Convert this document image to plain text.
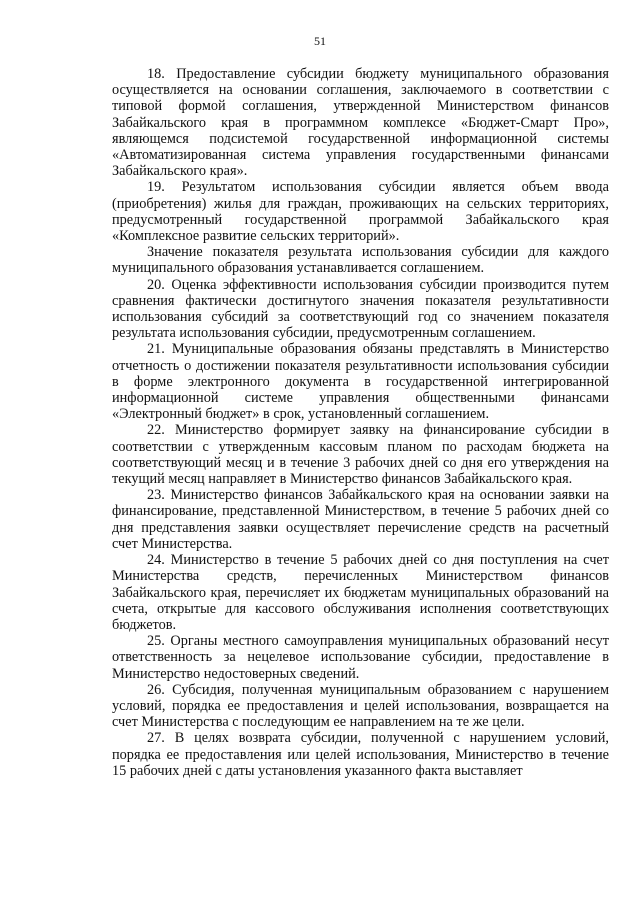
51

18. Предоставление субсидии бюджету муниципального образования осуществляется на основании соглашения, заключаемого в соответствии с типовой формой соглашения, утвержденной Министерством финансов Забайкальского края в программном комплексе «Бюджет-Смарт Про», являющемся подсистемой государственной информационной системы «Автоматизированная система управления государственными финансами Забайкальского края».

19. Результатом использования субсидии является объем ввода (приобретения) жилья для граждан, проживающих на сельских территориях, предусмотренный государственной программой Забайкальского края «Комплексное развитие сельских территорий».

Значение показателя результата использования субсидии для каждого муниципального образования устанавливается соглашением.

20. Оценка эффективности использования субсидии производится путем сравнения фактически достигнутого значения показателя результативности использования субсидий за соответствующий год со значением показателя результата использования субсидии, предусмотренным соглашением.

21. Муниципальные образования обязаны представлять в Министерство отчетность о достижении показателя результативности использования субсидии в форме электронного документа в государственной интегрированной информационной системе управления общественными финансами «Электронный бюджет» в срок, установленный соглашением.

22. Министерство формирует заявку на финансирование субсидии в соответствии с утвержденным кассовым планом по расходам бюджета на соответствующий месяц и в течение 3 рабочих дней со дня его утверждения на текущий месяц направляет в Министерство финансов Забайкальского края.

23. Министерство финансов Забайкальского края на основании заявки на финансирование, представленной Министерством, в течение 5 рабочих дней со дня представления заявки осуществляет перечисление средств на расчетный счет Министерства.

24. Министерство в течение 5 рабочих дней со дня поступления на счет Министерства средств, перечисленных Министерством финансов Забайкальского края, перечисляет их бюджетам муниципальных образований на счета, открытые для кассового обслуживания исполнения соответствующих бюджетов.

25. Органы местного самоуправления муниципальных образований несут ответственность за нецелевое использование субсидии, предоставление в Министерство недостоверных сведений.

26. Субсидия, полученная муниципальным образованием с нарушением условий, порядка ее предоставления и целей использования, возвращается на счет Министерства с последующим ее направлением на те же цели.

27. В целях возврата субсидии, полученной с нарушением условий, порядка ее предоставления или целей использования, Министерство в течение 15 рабочих дней с даты установления указанного факта выставляет
